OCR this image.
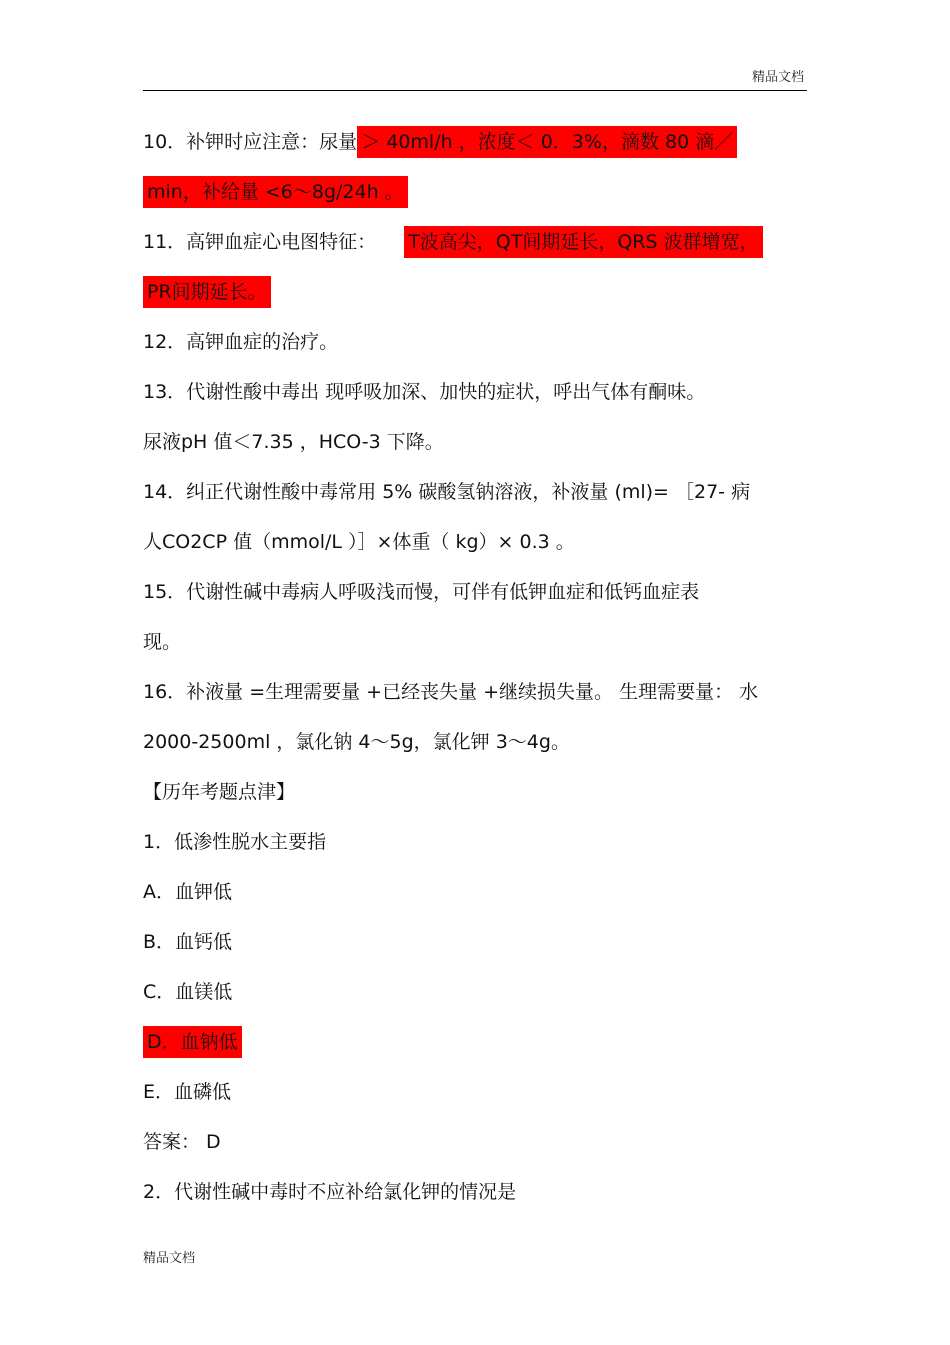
精品文档
10．补钾时应注意：尿量 ＞ 40ml/h ，浓度＜ 0．3%，滴数 80 滴／
min，补给量 <6～8g/24h 。
11．高钾血症心电图特征： T波高尖，QT间期延长，QRS 波群增宽，
PR间期延长。
12．高钾血症的治疗。
13．代谢性酸中毒出 现呼吸加深、加快的症状，呼出气体有酮味。
尿液pH 值＜7.35 ，HCO-3 下降。
14．纠正代谢性酸中毒常用 5% 碳酸氢钠溶液，补液量 (ml)= ［27- 病
人CO2CP 值（mmol/L ）］×体重（ kg）× 0.3 。
15．代谢性碱中毒病人呼吸浅而慢，可伴有低钾血症和低钙血症表
现。
16．补液量 =生理需要量 +已经丧失量 +继续损失量。 生理需要量： 水
2000-2500ml ，氯化钠 4～5g，氯化钾 3～4g。
【历年考题点津】
1．低渗性脱水主要指
A．血钾低
B．血钙低
C．血镁低
D．血钠低
E．血磷低
答案： D
2．代谢性碱中毒时不应补给氯化钾的情况是
精品文档
